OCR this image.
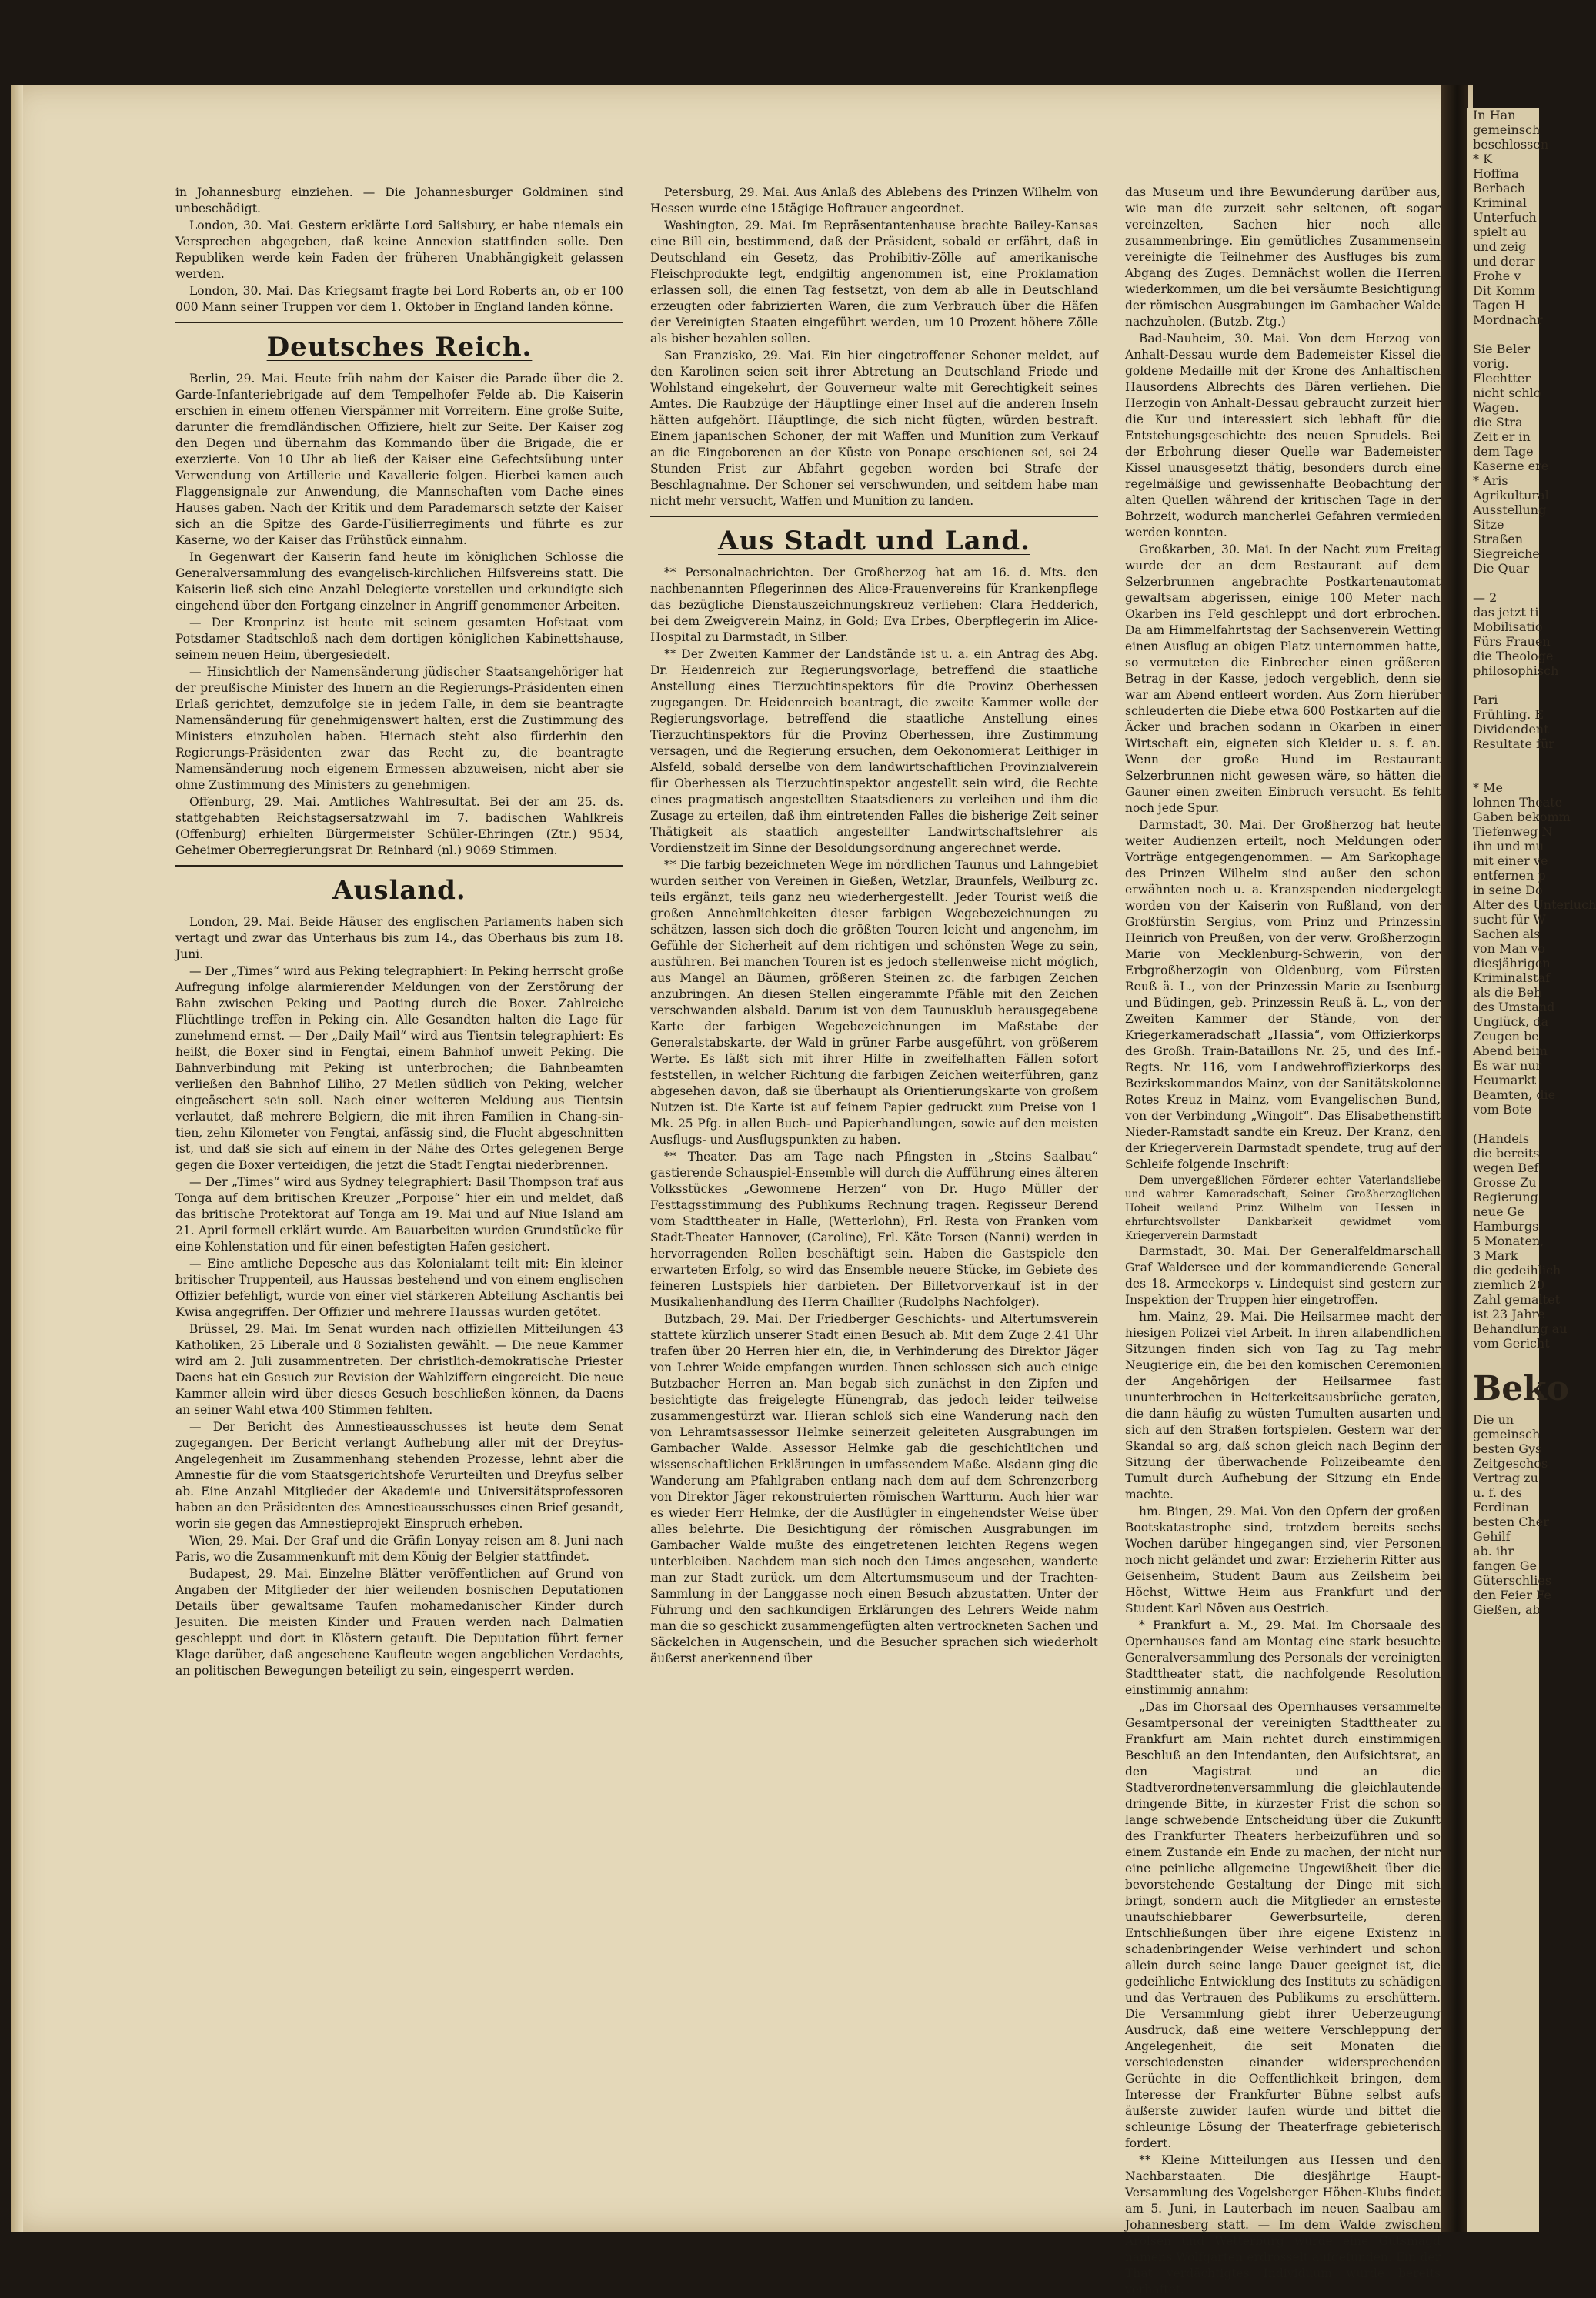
In Han
gemeinsch
beschlossen
* K
Hoffma
Berbach
Kriminal
Unterfuch
spielt au
und zeig
und derar
Frohe v
Dit Komm
Tagen H
Mordnachr

Sie Beler
vorig.
Flechtter
nicht schlo
Wagen.
die Stra
Zeit er in
dem Tage
Kaserne ere
* Aris
Agrikultural
Ausstellung
Sitze
Straßen
Siegreiche
Die Quar

— 2
das jetzt ti
Mobilisatio
Fürs Frauen
die Theologe
philosophisch

Pari
Frühling. E
Dividendent
Resultate für

* Me
lohnen Theate
Gaben bekomm
Tiefenweg N
ihn und mu
mit einer ve
entfernen p
in seine Do
Alter des Unterluch
sucht für W
Sachen als
von Man vo
diesjährigen
Kriminalstaf
als die Beh
des Umstand
Unglück, da
Zeugen be
Abend beim
Es war nur
Heumarkt
Beamten, die
vom Bote

(Handels
die bereits
wegen Bef
Grosse Zu
Regierung
neue Ge
Hamburgs
5 Monaten,
3 Mark
die gedeihlich
ziemlich 20
Zahl gemaltet
ist 23 Jahre
Behandlung au
vom Gericht
Beko
Die un
gemeinsch
besten Gys
Zeitgeschos
Vertrag zu
u. f. des
Ferdinan
besten Cher
Gehilf
ab. ihr
fangen Ge
Güterschlies
den Feier Fe
Gießen, ab

in Johannesburg einziehen. — Die Johannesburger Goldminen sind unbeschädigt.

London, 30. Mai. Gestern erklärte Lord Salisbury, er habe niemals ein Versprechen abgegeben, daß keine Annexion stattfinden solle. Den Republiken werde kein Faden der früheren Unabhängigkeit gelassen werden.

London, 30. Mai. Das Kriegsamt fragte bei Lord Roberts an, ob er 100 000 Mann seiner Truppen vor dem 1. Oktober in England landen könne.

Deutsches Reich.

Berlin, 29. Mai. Heute früh nahm der Kaiser die Parade über die 2. Garde-Infanteriebrigade auf dem Tempelhofer Felde ab. Die Kaiserin erschien in einem offenen Vierspänner mit Vorreitern. Eine große Suite, darunter die fremdländischen Offiziere, hielt zur Seite. Der Kaiser zog den Degen und übernahm das Kommando über die Brigade, die er exerzierte. Von 10 Uhr ab ließ der Kaiser eine Gefechtsübung unter Verwendung von Artillerie und Kavallerie folgen. Hierbei kamen auch Flaggensignale zur Anwendung, die Mannschaften vom Dache eines Hauses gaben. Nach der Kritik und dem Parademarsch setzte der Kaiser sich an die Spitze des Garde-Füsilierregiments und führte es zur Kaserne, wo der Kaiser das Frühstück einnahm.

In Gegenwart der Kaiserin fand heute im königlichen Schlosse die Generalversammlung des evangelisch-kirchlichen Hilfsvereins statt. Die Kaiserin ließ sich eine Anzahl Delegierte vorstellen und erkundigte sich eingehend über den Fortgang einzelner in Angriff genommener Arbeiten.

— Der Kronprinz ist heute mit seinem gesamten Hofstaat vom Potsdamer Stadtschloß nach dem dortigen königlichen Kabinettshause, seinem neuen Heim, übergesiedelt.

— Hinsichtlich der Namensänderung jüdischer Staatsangehöriger hat der preußische Minister des Innern an die Regierungs-Präsidenten einen Erlaß gerichtet, demzufolge sie in jedem Falle, in dem sie beantragte Namensänderung für genehmigenswert halten, erst die Zustimmung des Ministers einzuholen haben. Hiernach steht also fürderhin den Regierungs-Präsidenten zwar das Recht zu, die beantragte Namensänderung noch eigenem Ermessen abzuweisen, nicht aber sie ohne Zustimmung des Ministers zu genehmigen.

Offenburg, 29. Mai. Amtliches Wahlresultat. Bei der am 25. ds. stattgehabten Reichstagsersatzwahl im 7. badischen Wahlkreis (Offenburg) erhielten Bürgermeister Schüler-Ehringen (Ztr.) 9534, Geheimer Oberregierungsrat Dr. Reinhard (nl.) 9069 Stimmen.

Ausland.

London, 29. Mai. Beide Häuser des englischen Parlaments haben sich vertagt und zwar das Unterhaus bis zum 14., das Oberhaus bis zum 18. Juni.

— Der „Times“ wird aus Peking telegraphiert: In Peking herrscht große Aufregung infolge alarmierender Meldungen von der Zerstörung der Bahn zwischen Peking und Paoting durch die Boxer. Zahlreiche Flüchtlinge treffen in Peking ein. Alle Gesandten halten die Lage für zunehmend ernst. — Der „Daily Mail“ wird aus Tientsin telegraphiert: Es heißt, die Boxer sind in Fengtai, einem Bahnhof unweit Peking. Die Bahnverbindung mit Peking ist unterbrochen; die Bahnbeamten verließen den Bahnhof Liliho, 27 Meilen südlich von Peking, welcher eingeäschert sein soll. Nach einer weiteren Meldung aus Tientsin verlautet, daß mehrere Belgiern, die mit ihren Familien in Chang-sin-tien, zehn Kilometer von Fengtai, anfässig sind, die Flucht abgeschnitten ist, und daß sie sich auf einem in der Nähe des Ortes gelegenen Berge gegen die Boxer verteidigen, die jetzt die Stadt Fengtai niederbrennen.

— Der „Times“ wird aus Sydney telegraphiert: Basil Thompson traf aus Tonga auf dem britischen Kreuzer „Porpoise“ hier ein und meldet, daß das britische Protektorat auf Tonga am 19. Mai und auf Niue Island am 21. April formell erklärt wurde. Am Bauarbeiten wurden Grundstücke für eine Kohlenstation und für einen befestigten Hafen gesichert.

— Eine amtliche Depesche aus das Kolonialamt teilt mit: Ein kleiner britischer Truppenteil, aus Haussas bestehend und von einem englischen Offizier befehligt, wurde von einer viel stärkeren Abteilung Aschantis bei Kwisa angegriffen. Der Offizier und mehrere Haussas wurden getötet.

Brüssel, 29. Mai. Im Senat wurden nach offiziellen Mitteilungen 43 Katholiken, 25 Liberale und 8 Sozialisten gewählt. — Die neue Kammer wird am 2. Juli zusammentreten. Der christlich-demokratische Priester Daens hat ein Gesuch zur Revision der Wahlziffern eingereicht. Die neue Kammer allein wird über dieses Gesuch beschließen können, da Daens an seiner Wahl etwa 400 Stimmen fehlten.

— Der Bericht des Amnestieausschusses ist heute dem Senat zugegangen. Der Bericht verlangt Aufhebung aller mit der Dreyfus-Angelegenheit im Zusammenhang stehenden Prozesse, lehnt aber die Amnestie für die vom Staatsgerichtshofe Verurteilten und Dreyfus selber ab. Eine Anzahl Mitglieder der Akademie und Universitätsprofessoren haben an den Präsidenten des Amnestieausschusses einen Brief gesandt, worin sie gegen das Amnestieprojekt Einspruch erheben.

Wien, 29. Mai. Der Graf und die Gräfin Lonyay reisen am 8. Juni nach Paris, wo die Zusammenkunft mit dem König der Belgier stattfindet.

Budapest, 29. Mai. Einzelne Blätter veröffentlichen auf Grund von Angaben der Mitglieder der hier weilenden bosnischen Deputationen Details über gewaltsame Taufen mohamedanischer Kinder durch Jesuiten. Die meisten Kinder und Frauen werden nach Dalmatien geschleppt und dort in Klöstern getauft. Die Deputation führt ferner Klage darüber, daß angesehene Kaufleute wegen angeblichen Verdachts, an politischen Bewegungen beteiligt zu sein, eingesperrt werden.

Petersburg, 29. Mai. Aus Anlaß des Ablebens des Prinzen Wilhelm von Hessen wurde eine 15tägige Hoftrauer angeordnet.

Washington, 29. Mai. Im Repräsentantenhause brachte Bailey-Kansas eine Bill ein, bestimmend, daß der Präsident, sobald er erfährt, daß in Deutschland ein Gesetz, das Prohibitiv-Zölle auf amerikanische Fleischprodukte legt, endgiltig angenommen ist, eine Proklamation erlassen soll, die einen Tag festsetzt, von dem ab alle in Deutschland erzeugten oder fabrizierten Waren, die zum Verbrauch über die Häfen der Vereinigten Staaten eingeführt werden, um 10 Prozent höhere Zölle als bisher bezahlen sollen.

San Franzisko, 29. Mai. Ein hier eingetroffener Schoner meldet, auf den Karolinen seien seit ihrer Abtretung an Deutschland Friede und Wohlstand eingekehrt, der Gouverneur walte mit Gerechtigkeit seines Amtes. Die Raubzüge der Häuptlinge einer Insel auf die anderen Inseln hätten aufgehört. Häuptlinge, die sich nicht fügten, würden bestraft. Einem japanischen Schoner, der mit Waffen und Munition zum Verkauf an die Eingeborenen an der Küste von Ponape erschienen sei, sei 24 Stunden Frist zur Abfahrt gegeben worden bei Strafe der Beschlagnahme. Der Schoner sei verschwunden, und seitdem habe man nicht mehr versucht, Waffen und Munition zu landen.

Aus Stadt und Land.

** Personalnachrichten. Der Großherzog hat am 16. d. Mts. den nachbenannten Pflegerinnen des Alice-Frauenvereins für Krankenpflege das bezügliche Dienstauszeichnungskreuz verliehen: Clara Hedderich, bei dem Zweigverein Mainz, in Gold; Eva Erbes, Oberpflegerin im Alice-Hospital zu Darmstadt, in Silber.

** Der Zweiten Kammer der Landstände ist u. a. ein Antrag des Abg. Dr. Heidenreich zur Regierungsvorlage, betreffend die staatliche Anstellung eines Tierzuchtinspektors für die Provinz Oberhessen zugegangen. Dr. Heidenreich beantragt, die zweite Kammer wolle der Regierungsvorlage, betreffend die staatliche Anstellung eines Tierzuchtinspektors für die Provinz Oberhessen, ihre Zustimmung versagen, und die Regierung ersuchen, dem Oekonomierat Leithiger in Alsfeld, sobald derselbe von dem landwirtschaftlichen Provinzialverein für Oberhessen als Tierzuchtinspektor angestellt sein wird, die Rechte eines pragmatisch angestellten Staatsdieners zu verleihen und ihm die Zusage zu erteilen, daß ihm eintretenden Falles die bisherige Zeit seiner Thätigkeit als staatlich angestellter Landwirtschaftslehrer als Vordienstzeit im Sinne der Besoldungsordnung angerechnet werde.

** Die farbig bezeichneten Wege im nördlichen Taunus und Lahngebiet wurden seither von Vereinen in Gießen, Wetzlar, Braunfels, Weilburg zc. teils ergänzt, teils ganz neu wiederhergestellt. Jeder Tourist weiß die großen Annehmlichkeiten dieser farbigen Wegebezeichnungen zu schätzen, lassen sich doch die größten Touren leicht und angenehm, im Gefühle der Sicherheit auf dem richtigen und schönsten Wege zu sein, ausführen. Bei manchen Touren ist es jedoch stellenweise nicht möglich, aus Mangel an Bäumen, größeren Steinen zc. die farbigen Zeichen anzubringen. An diesen Stellen eingerammte Pfähle mit den Zeichen verschwanden alsbald. Darum ist von dem Taunusklub herausgegebene Karte der farbigen Wegebezeichnungen im Maßstabe der Generalstabskarte, der Wald in grüner Farbe ausgeführt, von größerem Werte. Es läßt sich mit ihrer Hilfe in zweifelhaften Fällen sofort feststellen, in welcher Richtung die farbigen Zeichen weiterführen, ganz abgesehen davon, daß sie überhaupt als Orientierungskarte von großem Nutzen ist. Die Karte ist auf feinem Papier gedruckt zum Preise von 1 Mk. 25 Pfg. in allen Buch- und Papierhandlungen, sowie auf den meisten Ausflugs- und Ausflugspunkten zu haben.

** Theater. Das am Tage nach Pfingsten in „Steins Saalbau“ gastierende Schauspiel-Ensemble will durch die Aufführung eines älteren Volksstückes „Gewonnene Herzen“ von Dr. Hugo Müller der Festtagsstimmung des Publikums Rechnung tragen. Regisseur Berend vom Stadttheater in Halle, (Wetterlohn), Frl. Resta von Franken vom Stadt-Theater Hannover, (Caroline), Frl. Käte Torsen (Nanni) werden in hervorragenden Rollen beschäftigt sein. Haben die Gastspiele den erwarteten Erfolg, so wird das Ensemble neuere Stücke, im Gebiete des feineren Lustspiels hier darbieten. Der Billetvorverkauf ist in der Musikalienhandlung des Herrn Chaillier (Rudolphs Nachfolger).

Butzbach, 29. Mai. Der Friedberger Geschichts- und Altertumsverein stattete kürzlich unserer Stadt einen Besuch ab. Mit dem Zuge 2.41 Uhr trafen über 20 Herren hier ein, die, in Verhinderung des Direktor Jäger von Lehrer Weide empfangen wurden. Ihnen schlossen sich auch einige Butzbacher Herren an. Man begab sich zunächst in den Zipfen und besichtigte das freigelegte Hünengrab, das jedoch leider teilweise zusammengestürzt war. Hieran schloß sich eine Wanderung nach den von Lehramtsassessor Helmke seinerzeit geleiteten Ausgrabungen im Gambacher Walde. Assessor Helmke gab die geschichtlichen und wissenschaftlichen Erklärungen in umfassendem Maße. Alsdann ging die Wanderung am Pfahlgraben entlang nach dem auf dem Schrenzerberg von Direktor Jäger rekonstruierten römischen Wartturm. Auch hier war es wieder Herr Helmke, der die Ausflügler in eingehendster Weise über alles belehrte. Die Besichtigung der römischen Ausgrabungen im Gambacher Walde mußte des eingetretenen leichten Regens wegen unterbleiben. Nachdem man sich noch den Limes angesehen, wanderte man zur Stadt zurück, um dem Altertumsmuseum und der Trachten-Sammlung in der Langgasse noch einen Besuch abzustatten. Unter der Führung und den sachkundigen Erklärungen des Lehrers Weide nahm man die so geschickt zusammengefügten alten vertrockneten Sachen und Säckelchen in Augenschein, und die Besucher sprachen sich wiederholt äußerst anerkennend über

das Museum und ihre Bewunderung darüber aus, wie man die zurzeit sehr seltenen, oft sogar vereinzelten, Sachen hier noch alle zusammenbringe. Ein gemütliches Zusammensein vereinigte die Teilnehmer des Ausfluges bis zum Abgang des Zuges. Demnächst wollen die Herren wiederkommen, um die bei versäumte Besichtigung der römischen Ausgrabungen im Gambacher Walde nachzuholen. (Butzb. Ztg.)

Bad-Nauheim, 30. Mai. Von dem Herzog von Anhalt-Dessau wurde dem Bademeister Kissel die goldene Medaille mit der Krone des Anhaltischen Hausordens Albrechts des Bären verliehen. Die Herzogin von Anhalt-Dessau gebraucht zurzeit hier die Kur und interessiert sich lebhaft für die Entstehungsgeschichte des neuen Sprudels. Bei der Erbohrung dieser Quelle war Bademeister Kissel unausgesetzt thätig, besonders durch eine regelmäßige und gewissenhafte Beobachtung der alten Quellen während der kritischen Tage in der Bohrzeit, wodurch mancherlei Gefahren vermieden werden konnten.

Großkarben, 30. Mai. In der Nacht zum Freitag wurde der an dem Restaurant auf dem Selzerbrunnen angebrachte Postkartenautomat gewaltsam abgerissen, einige 100 Meter nach Okarben ins Feld geschleppt und dort erbrochen. Da am Himmelfahrtstag der Sachsenverein Wetting einen Ausflug an obigen Platz unternommen hatte, so vermuteten die Einbrecher einen größeren Betrag in der Kasse, jedoch vergeblich, denn sie war am Abend entleert worden. Aus Zorn hierüber schleuderten die Diebe etwa 600 Postkarten auf die Äcker und brachen sodann in Okarben in einer Wirtschaft ein, eigneten sich Kleider u. s. f. an. Wenn der große Hund im Restaurant Selzerbrunnen nicht gewesen wäre, so hätten die Gauner einen zweiten Einbruch versucht. Es fehlt noch jede Spur.

Darmstadt, 30. Mai. Der Großherzog hat heute weiter Audienzen erteilt, noch Meldungen oder Vorträge entgegengenommen. — Am Sarkophage des Prinzen Wilhelm sind außer den schon erwähnten noch u. a. Kranzspenden niedergelegt worden von der Kaiserin von Rußland, von der Großfürstin Sergius, vom Prinz und Prinzessin Heinrich von Preußen, von der verw. Großherzogin Marie von Mecklenburg-Schwerin, von der Erbgroßherzogin von Oldenburg, vom Fürsten Reuß ä. L., von der Prinzessin Marie zu Isenburg und Büdingen, geb. Prinzessin Reuß ä. L., von der Zweiten Kammer der Stände, von der Kriegerkameradschaft „Hassia“, vom Offizierkorps des Großh. Train-Bataillons Nr. 25, und des Inf.-Regts. Nr. 116, vom Landwehroffizierkorps des Bezirkskommandos Mainz, von der Sanitätskolonne Rotes Kreuz in Mainz, vom Evangelischen Bund, von der Verbindung „Wingolf“. Das Elisabethenstift Nieder-Ramstadt sandte ein Kreuz. Der Kranz, den der Kriegerverein Darmstadt spendete, trug auf der Schleife folgende Inschrift:

Dem unvergeßlichen Förderer echter Vaterlandsliebe und wahrer Kameradschaft, Seiner Großherzoglichen Hoheit weiland Prinz Wilhelm von Hessen in ehrfurchtsvollster Dankbarkeit gewidmet vom Kriegerverein Darmstadt

Darmstadt, 30. Mai. Der Generalfeldmarschall Graf Waldersee und der kommandierende General des 18. Armeekorps v. Lindequist sind gestern zur Inspektion der Truppen hier eingetroffen.

hm. Mainz, 29. Mai. Die Heilsarmee macht der hiesigen Polizei viel Arbeit. In ihren allabendlichen Sitzungen finden sich von Tag zu Tag mehr Neugierige ein, die bei den komischen Ceremonien der Angehörigen der Heilsarmee fast ununterbrochen in Heiterkeitsausbrüche geraten, die dann häufig zu wüsten Tumulten ausarten und sich auf den Straßen fortspielen. Gestern war der Skandal so arg, daß schon gleich nach Beginn der Sitzung der überwachende Polizeibeamte den Tumult durch Aufhebung der Sitzung ein Ende machte.

hm. Bingen, 29. Mai. Von den Opfern der großen Bootskatastrophe sind, trotzdem bereits sechs Wochen darüber hingegangen sind, vier Personen noch nicht geländet und zwar: Erzieherin Ritter aus Geisenheim, Student Baum aus Zeilsheim bei Höchst, Wittwe Heim aus Frankfurt und der Student Karl Növen aus Oestrich.

* Frankfurt a. M., 29. Mai. Im Chorsaale des Opernhauses fand am Montag eine stark besuchte Generalversammlung des Personals der vereinigten Stadttheater statt, die nachfolgende Resolution einstimmig annahm:

„Das im Chorsaal des Opernhauses versammelte Gesamtpersonal der vereinigten Stadttheater zu Frankfurt am Main richtet durch einstimmigen Beschluß an den Intendanten, den Aufsichtsrat, an den Magistrat und an die Stadtverordnetenversammlung die gleichlautende dringende Bitte, in kürzester Frist die schon so lange schwebende Entscheidung über die Zukunft des Frankfurter Theaters herbeizuführen und so einem Zustande ein Ende zu machen, der nicht nur eine peinliche allgemeine Ungewißheit über die bevorstehende Gestaltung der Dinge mit sich bringt, sondern auch die Mitglieder an ernsteste unaufschiebbarer Gewerbsurteile, deren Entschließungen über ihre eigene Existenz in schadenbringender Weise verhindert und schon allein durch seine lange Dauer geeignet ist, die gedeihliche Entwicklung des Instituts zu schädigen und das Vertrauen des Publikums zu erschüttern. Die Versammlung giebt ihrer Ueberzeugung Ausdruck, daß eine weitere Verschleppung der Angelegenheit, die seit Monaten die verschiedensten einander widersprechenden Gerüchte in die Oeffentlichkeit bringen, dem Interesse der Frankfurter Bühne selbst aufs äußerste zuwider laufen würde und bittet die schleunige Lösung der Theaterfrage gebieterisch fordert.

** Kleine Mitteilungen aus Hessen und den Nachbarstaaten. Die diesjährige Haupt-Versammlung des Vogelsberger Höhen-Klubs findet am 5. Juni, in Lauterbach im neuen Saalbau am Johannesberg statt. — Im dem Walde zwischen Arolsen und Wetterburg wurde eine Gutsmagd namens Wolfgarten erdrosselt aufgefunden. Ein der That verdächtigtes Individuum wurde bereits verhaftet.
